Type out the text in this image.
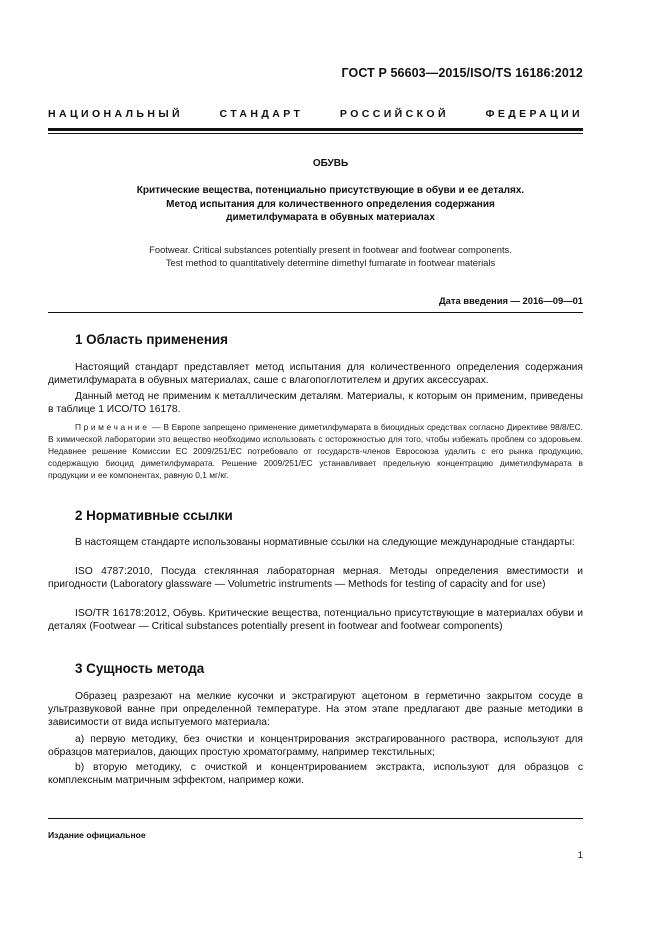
ГОСТ Р 56603—2015/ISO/TS 16186:2012
НАЦИОНАЛЬНЫЙ СТАНДАРТ РОССИЙСКОЙ ФЕДЕРАЦИИ
ОБУВЬ
Критические вещества, потенциально присутствующие в обуви и ее деталях.
Метод испытания для количественного определения содержания
диметилфумарата в обувных материалах
Footwear. Critical substances potentially present in footwear and footwear components.
Test method to quantitatively determine dimethyl fumarate in footwear materials
Дата введения — 2016—09—01
1 Область применения
Настоящий стандарт представляет метод испытания для количественного определения содержания диметилфумарата в обувных материалах, саше с влагопоглотителем и других аксессуарах.
Данный метод не применим к металлическим деталям. Материалы, к которым он применим, приведены в таблице 1 ИСО/ТО 16178.
Примечание — В Европе запрещено применение диметилфумарата в биоцидных средствах согласно Директиве 98/8/ЕС. В химической лаборатории это вещество необходимо использовать с осторожностью для того, чтобы избежать проблем со здоровьем. Недавнее решение Комиссии ЕС 2009/251/ЕС потребовало от государств-членов Евросоюза удалить с его рынка продукцию, содержащую биоцид диметилфумарата. Решение 2009/251/ЕС устанавливает предельную концентрацию диметилфумарата в продукции и ее компонентах, равную 0,1 мг/кг.
2 Нормативные ссылки
В настоящем стандарте использованы нормативные ссылки на следующие международные стандарты:
ISO 4787:2010, Посуда стеклянная лабораторная мерная. Методы определения вместимости и пригодности (Laboratory glassware — Volumetric instruments — Methods for testing of capacity and for use)
ISO/TR 16178:2012, Обувь. Критические вещества, потенциально присутствующие в материалах обуви и деталях (Footwear — Critical substances potentially present in footwear and footwear components)
3 Сущность метода
Образец разрезают на мелкие кусочки и экстрагируют ацетоном в герметично закрытом сосуде в ультразвуковой ванне при определенной температуре. На этом этапе предлагают две разные методики в зависимости от вида испытуемого материала:
a) первую методику, без очистки и концентрирования экстрагированного раствора, используют для образцов материалов, дающих простую хроматограмму, например текстильных;
b) вторую методику, с очисткой и концентрированием экстракта, используют для образцов с комплексным матричным эффектом, например кожи.
Издание официальное
1
